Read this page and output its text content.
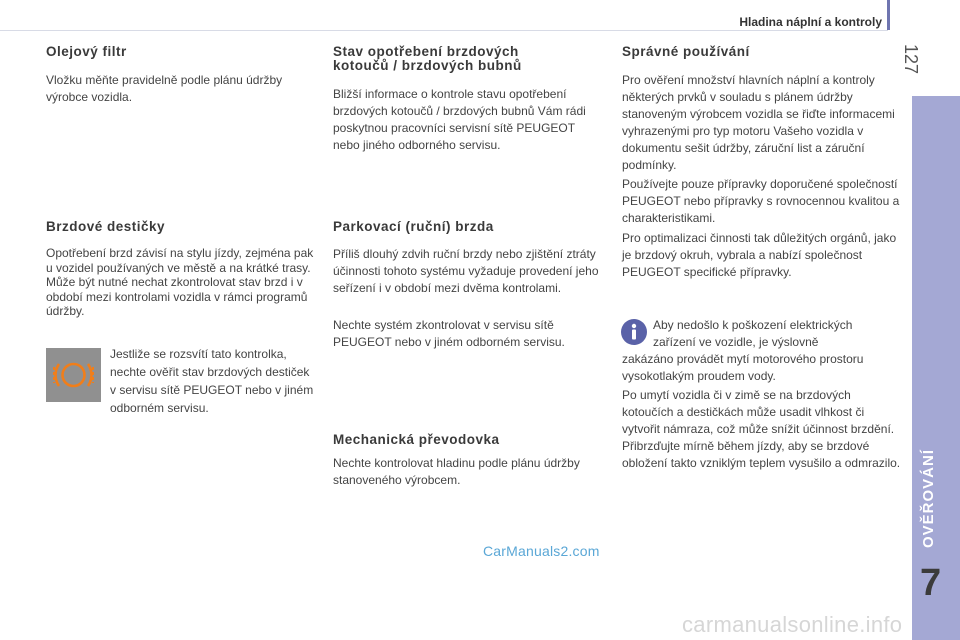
Hladina náplní a kontroly
127
OVĚŘOVÁNÍ
7
Olejový filtr

Vložku měňte pravidelně podle plánu údržby výrobce vozidla.

Brzdové destičky

Opotřebení brzd závisí na stylu jízdy, zejména pak u vozidel používaných ve městě a na krátké trasy. Může být nutné nechat zkontrolovat stav brzd i v období mezi kontrolami vozidla v rámci programů údržby.

Jestliže se rozsvítí tato kontrolka, nechte ověřit stav brzdových destiček v servisu sítě PEUGEOT nebo v jiném odborném servisu.

Stav opotřebení brzdových
kotoučů / brzdových bubnů

Bližší informace o kontrole stavu opotřebení brzdových kotoučů / brzdových bubnů Vám rádi poskytnou pracovníci servisní sítě PEUGEOT nebo jiného odborného servisu.

Parkovací (ruční) brzda

Příliš dlouhý zdvih ruční brzdy nebo zjištění ztráty účinnosti tohoto systému vyžaduje provedení jeho seřízení i v období mezi dvěma kontrolami.

Nechte systém zkontrolovat v servisu sítě PEUGEOT nebo v jiném odborném servisu.

Mechanická převodovka

Nechte kontrolovat hladinu podle plánu údržby stanoveného výrobcem.

Správné používání

Pro ověření množství hlavních náplní a kontroly některých prvků v souladu s plánem údržby stanoveným výrobcem vozidla se řiďte informacemi vyhrazenými pro typ motoru Vašeho vozidla v dokumentu sešit údržby, záruční list a záruční podmínky.

Používejte pouze přípravky doporučené společností PEUGEOT nebo přípravky s rovnocennou kvalitou a charakteristikami.

Pro optimalizaci činnosti tak důležitých orgánů, jako je brzdový okruh, vybrala a nabízí společnost PEUGEOT specifické přípravky.

Aby nedošlo k poškození elektrických

zařízení ve vozidle, je výslovně

zakázáno provádět mytí motorového prostoru vysokotlakým proudem vody.

Po umytí vozidla či v zimě se na brzdových kotoučích a destičkách může usadit vlhkost či vytvořit námraza, což může snížit účinnost brzdění. Přibrzďujte mírně během jízdy, aby se brzdové obložení takto vzniklým teplem vysušilo a odmrazilo.

CarManuals2.com
carmanualsonline.info
